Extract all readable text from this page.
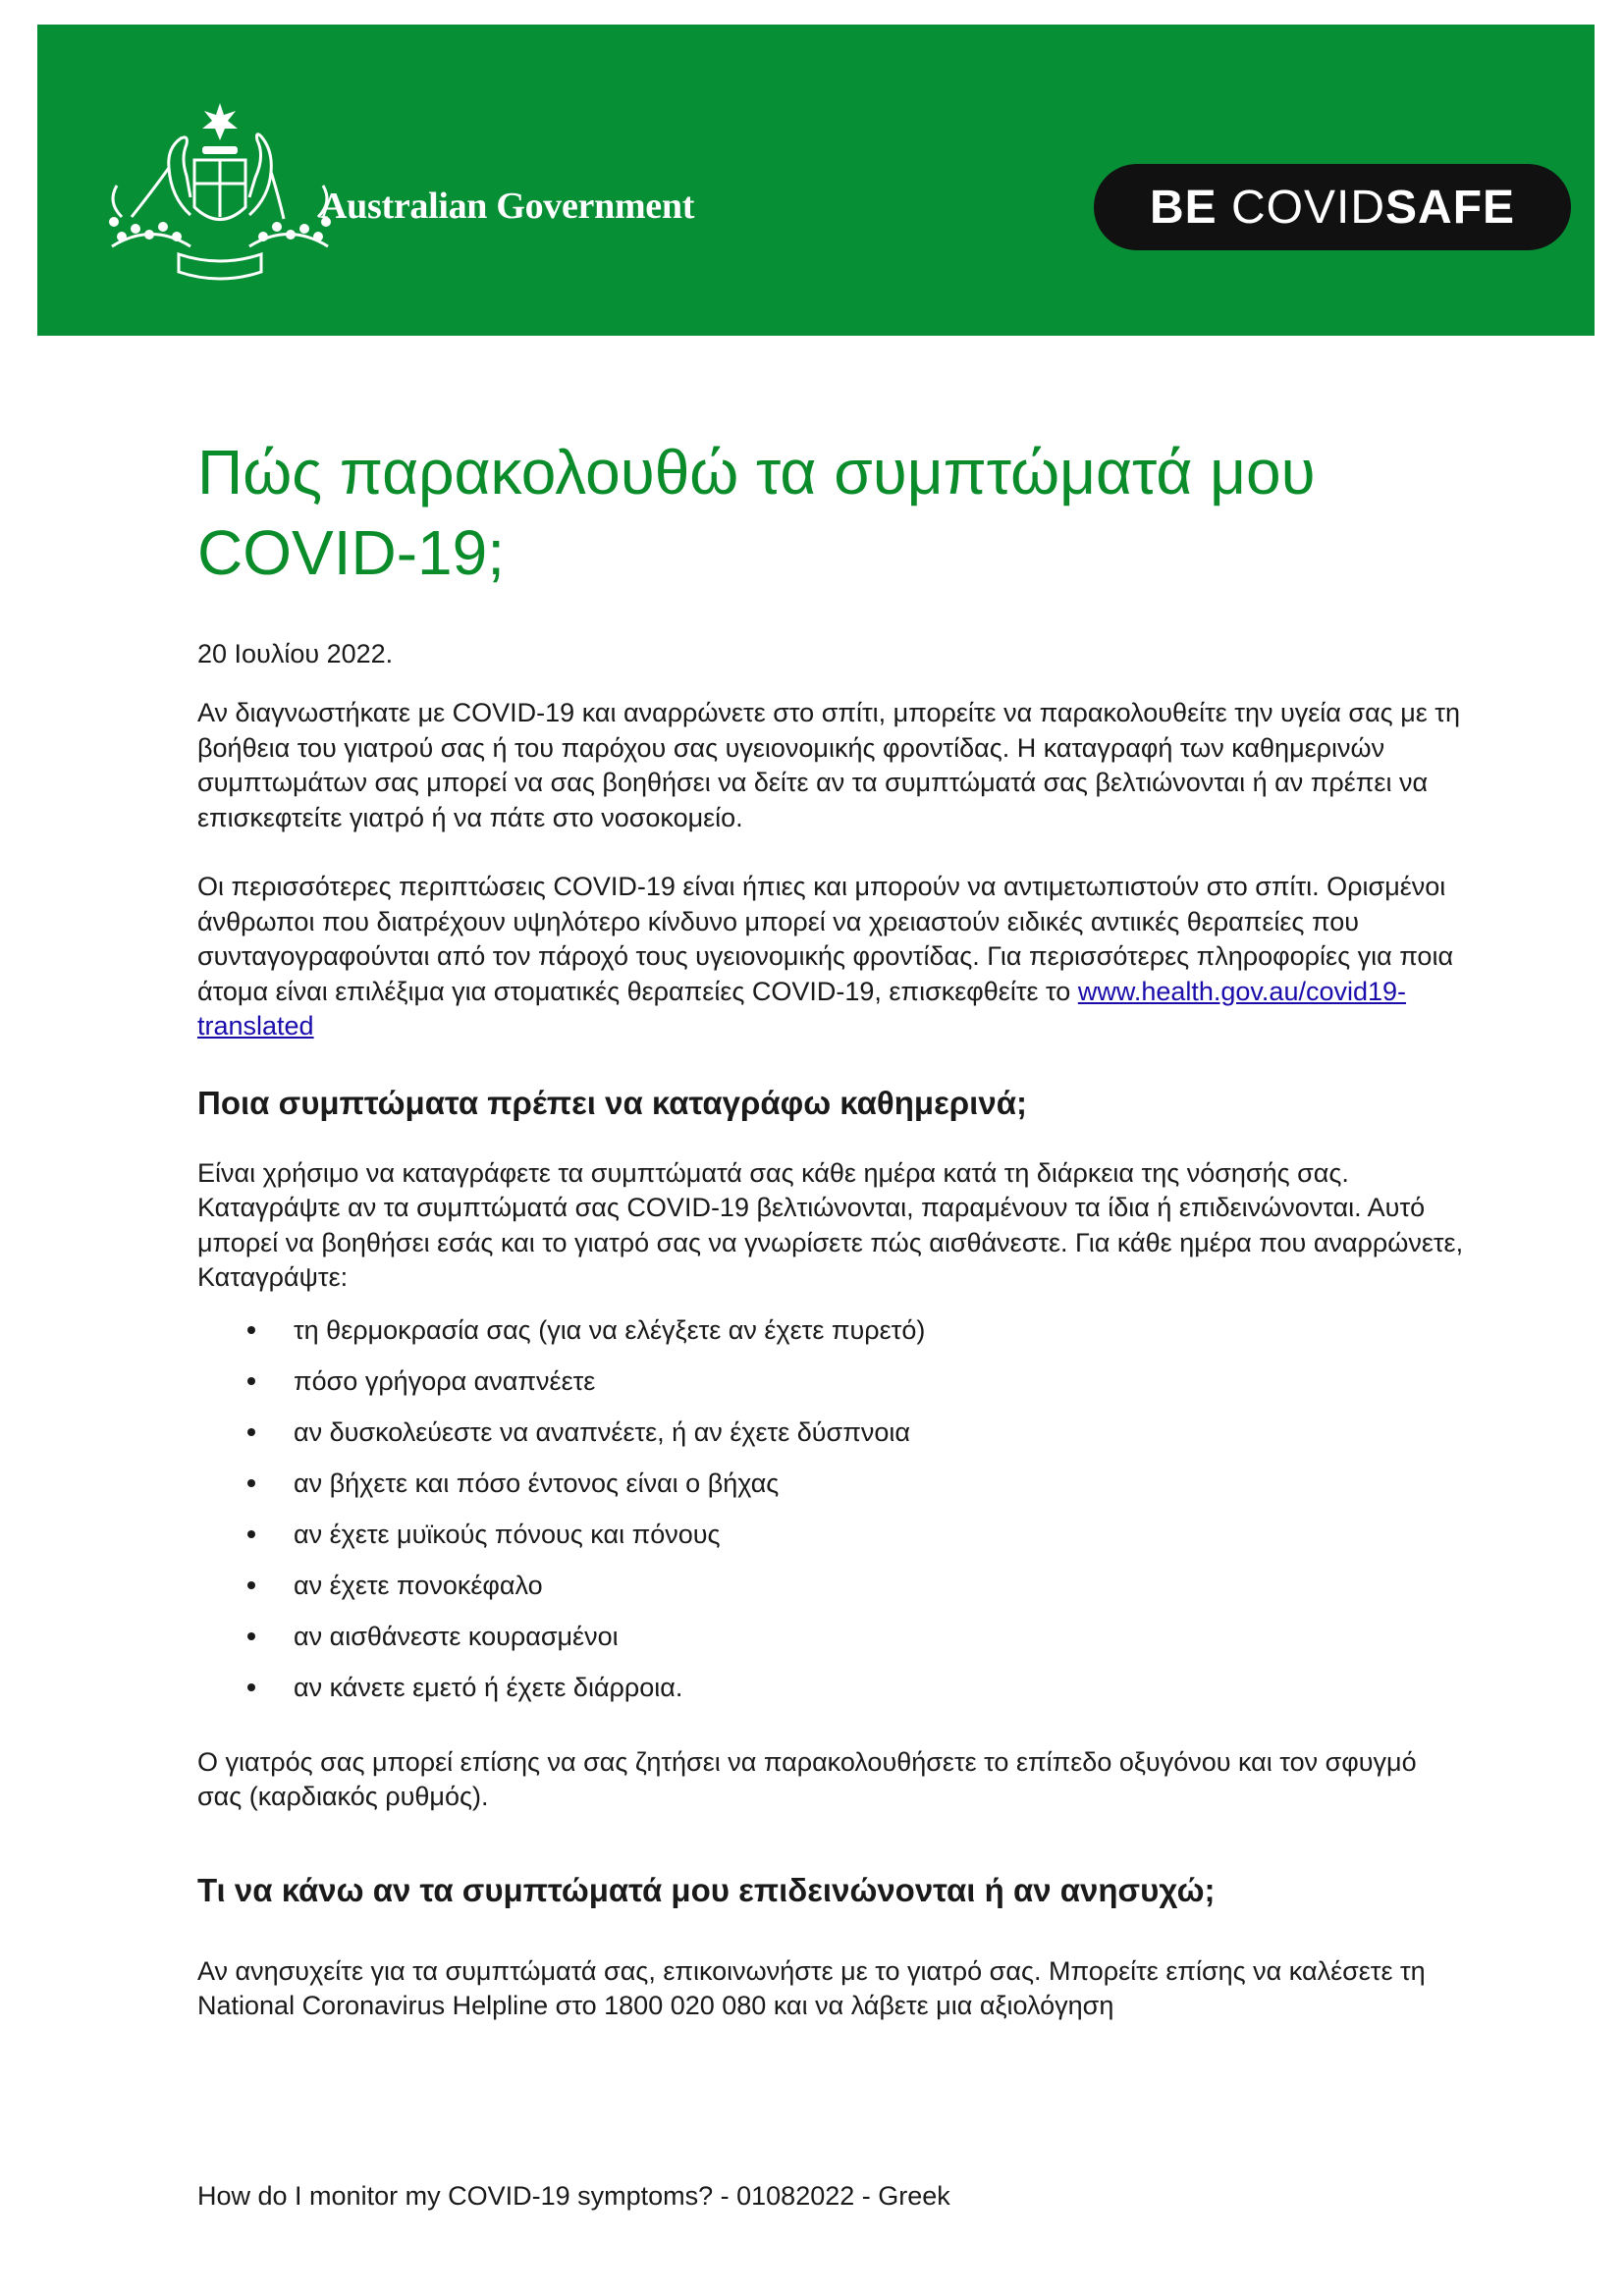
Australian Government	BE
COVID SAFE
Πώς παρακολουθώ τα συμπτώματά μου COVID-19;
20 Ιουλίου 2022.

Αν διαγνωστήκατε με COVID-19 και αναρρώνετε στο σπίτι, μπορείτε να παρακολουθείτε την υγεία σας με τη βοήθεια του γιατρού σας ή του παρόχου σας υγειονομικής φροντίδας. Η καταγραφή των καθημερινών συμπτωμάτων σας μπορεί να σας βοηθήσει να δείτε αν τα συμπτώματά σας βελτιώνονται ή αν πρέπει να επισκεφτείτε γιατρό ή να πάτε στο νοσοκομείο.

Οι περισσότερες περιπτώσεις COVID-19 είναι ήπιες και μπορούν να αντιμετωπιστούν στο σπίτι. Ορισμένοι άνθρωποι που διατρέχουν υψηλότερο κίνδυνο μπορεί να χρειαστούν ειδικές αντιικές θεραπείες που συνταγογραφούνται από τον πάροχό τους υγειονομικής φροντίδας. Για περισσότερες πληροφορίες για ποια άτομα είναι επιλέξιμα για στοματικές θεραπείες COVID-19, επισκεφθείτε το www.health.gov.au/covid19-translated

Ποια συμπτώματα πρέπει να καταγράφω καθημερινά;

Είναι χρήσιμο να καταγράφετε τα συμπτώματά σας κάθε ημέρα κατά τη διάρκεια της νόσησής σας. Καταγράψτε αν τα συμπτώματά σας COVID-19 βελτιώνονται, παραμένουν τα ίδια ή επιδεινώνονται. Αυτό μπορεί να βοηθήσει εσάς και το γιατρό σας να γνωρίσετε πώς αισθάνεστε. Για κάθε ημέρα που αναρρώνετε, Καταγράψτε:

τη θερμοκρασία σας (για να ελέγξετε αν έχετε πυρετό)
πόσο γρήγορα αναπνέετε
αν δυσκολεύεστε να αναπνέετε, ή αν έχετε δύσπνοια
αν βήχετε και πόσο έντονος είναι ο βήχας
αν έχετε μυϊκούς πόνους και πόνους
αν έχετε πονοκέφαλο
αν αισθάνεστε κουρασμένοι
αν κάνετε εμετό ή έχετε διάρροια.

Ο γιατρός σας μπορεί επίσης να σας ζητήσει να παρακολουθήσετε το επίπεδο οξυγόνου και τον σφυγμό σας (καρδιακός ρυθμός).

Τι να κάνω αν τα συμπτώματά μου επιδεινώνονται ή αν ανησυχώ;

Αν ανησυχείτε για τα συμπτώματά σας, επικοινωνήστε με το γιατρό σας. Μπορείτε επίσης να καλέσετε τη National Coronavirus Helpline στο 1800 020 080 και να λάβετε μια αξιολόγηση

How do I monitor my COVID-19 symptoms? - 01082022 - Greek
